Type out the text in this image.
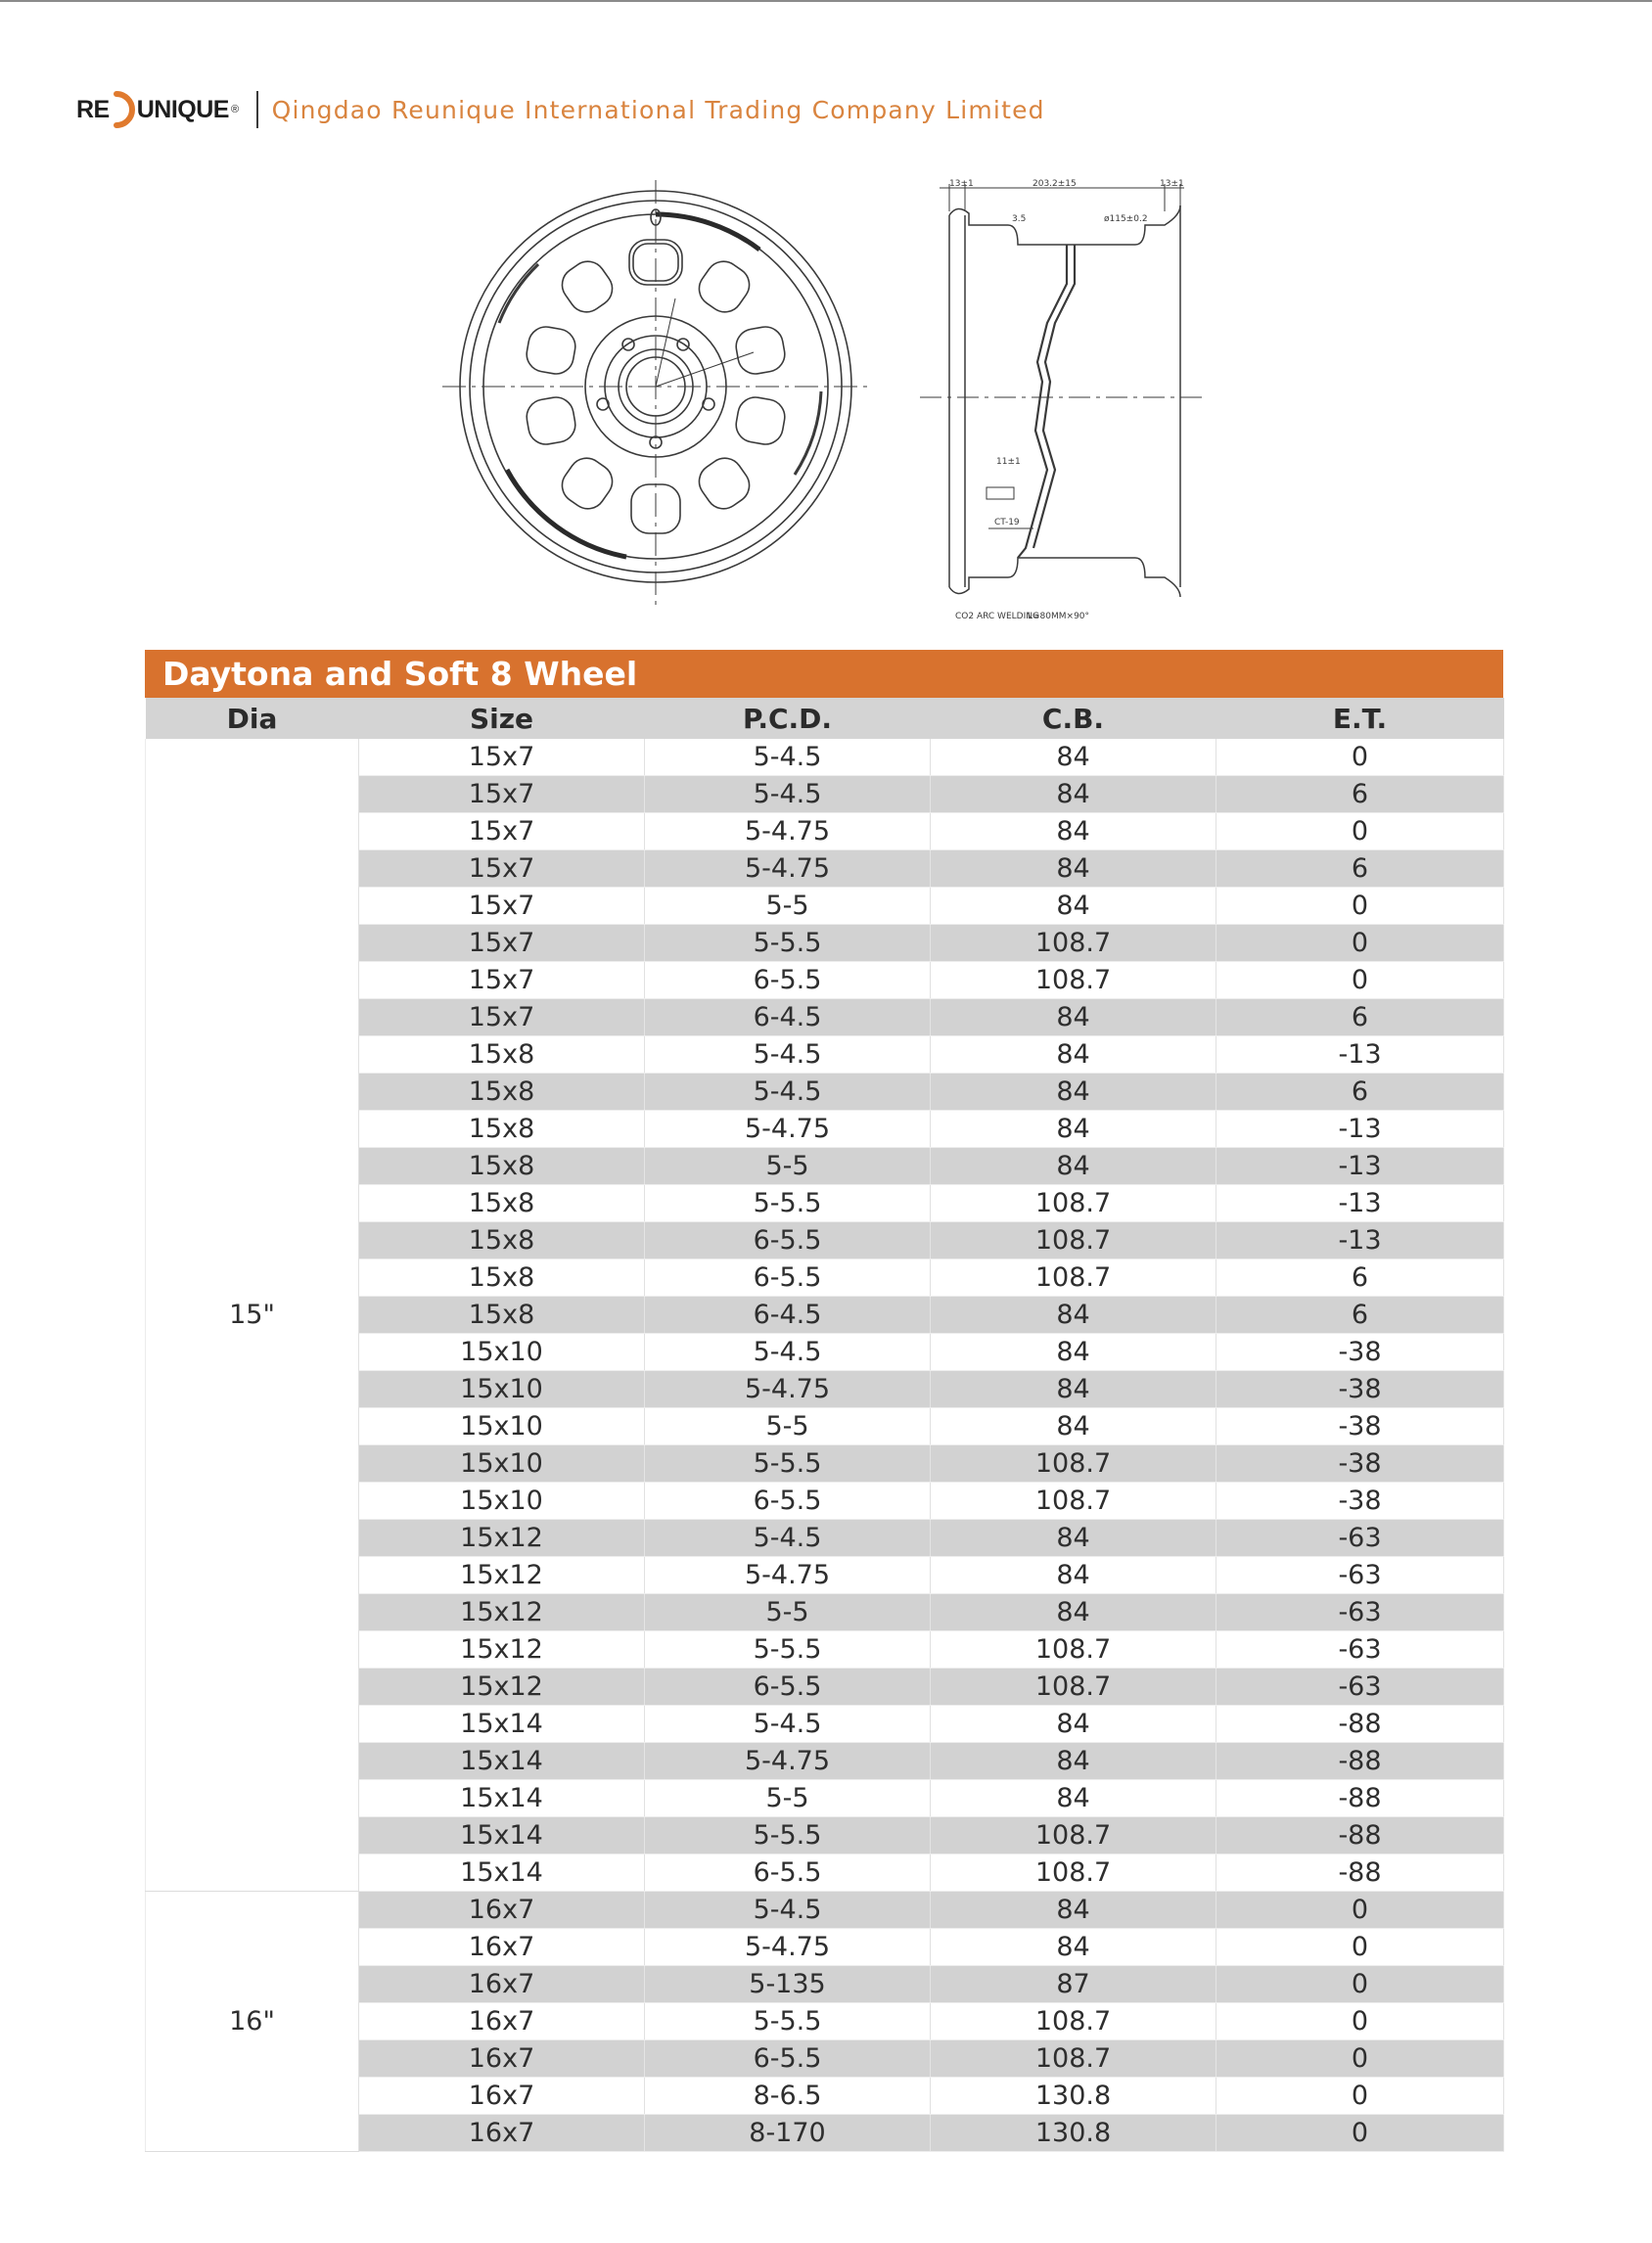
RE UNIQUE ® Qingdao Reunique International Trading Company Limited
13±1	203.2±15	13±1
3.5	ø115±0.2
11±1
CT-19
CO2 ARC WELDING
L=80MM×90°
Daytona and Soft 8 Wheel
Dia	Size	P.C.D.	C.B.	E.T.
15"	15x7	5-4.5	84	0
	15x7	5-4.5	84	6
	15x7	5-4.75	84	0
	15x7	5-4.75	84	6
	15x7	5-5	84	0
	15x7	5-5.5	108.7	0
	15x7	6-5.5	108.7	0
	15x7	6-4.5	84	6
	15x8	5-4.5	84	-13
	15x8	5-4.5	84	6
	15x8	5-4.75	84	-13
	15x8	5-5	84	-13
	15x8	5-5.5	108.7	-13
	15x8	6-5.5	108.7	-13
	15x8	6-5.5	108.7	6
	15x8	6-4.5	84	6
	15x10	5-4.5	84	-38
	15x10	5-4.75	84	-38
	15x10	5-5	84	-38
	15x10	5-5.5	108.7	-38
	15x10	6-5.5	108.7	-38
	15x12	5-4.5	84	-63
	15x12	5-4.75	84	-63
	15x12	5-5	84	-63
	15x12	5-5.5	108.7	-63
	15x12	6-5.5	108.7	-63
	15x14	5-4.5	84	-88
	15x14	5-4.75	84	-88
	15x14	5-5	84	-88
	15x14	5-5.5	108.7	-88
	15x14	6-5.5	108.7	-88
16"	16x7	5-4.5	84	0
	16x7	5-4.75	84	0
	16x7	5-135	87	0
	16x7	5-5.5	108.7	0
	16x7	6-5.5	108.7	0
	16x7	8-6.5	130.8	0
	16x7	8-170	130.8	0
